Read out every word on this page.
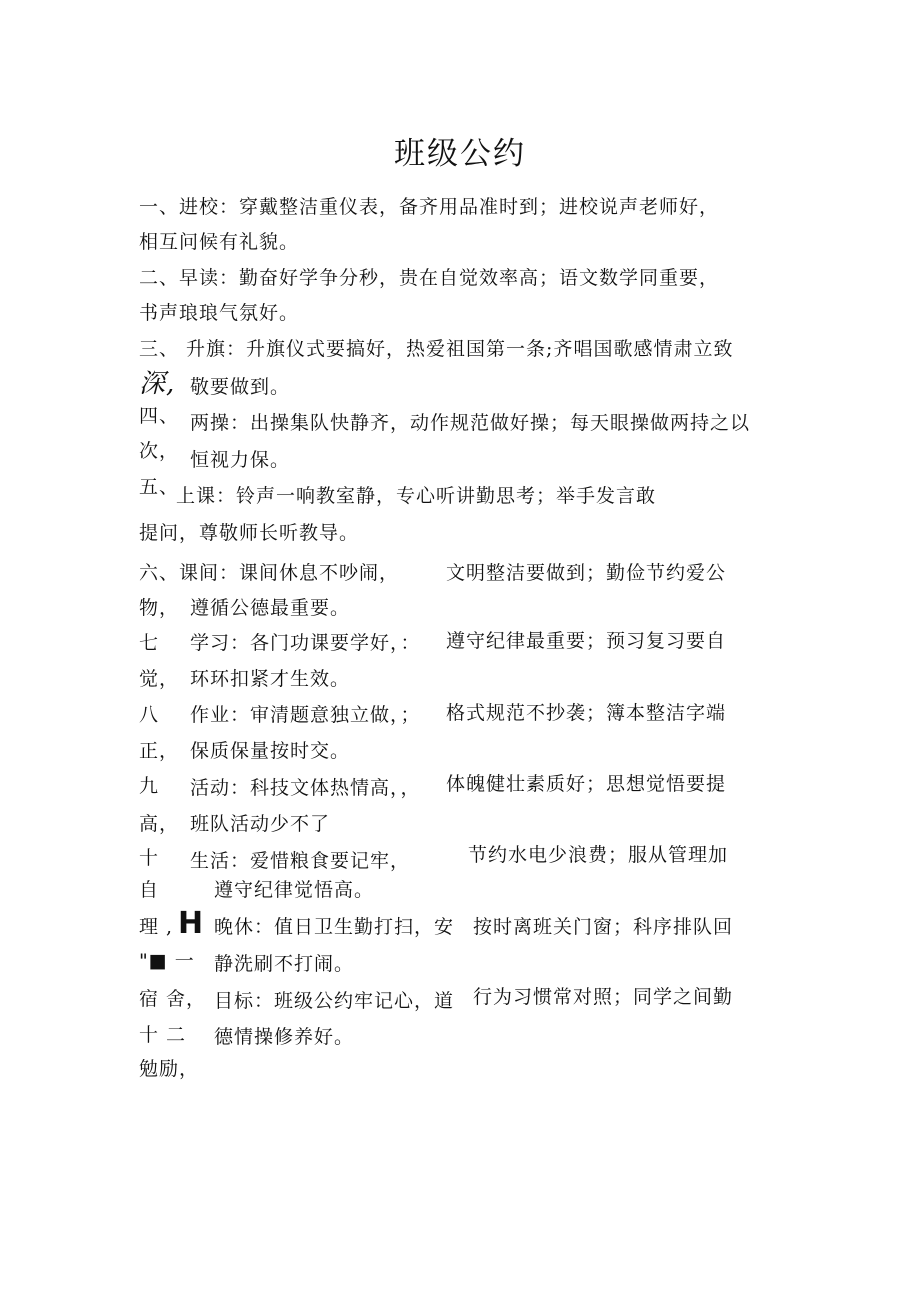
班级公约
一、进校：穿戴整洁重仪表，备齐用品准时到；进校说声老师好，
相互问候有礼貌。
二、早读：勤奋好学争分秒，贵在自觉效率高；语文数学同重要，
书声琅琅气氛好。
三、 升旗：升旗仪式要搞好，热爱祖国第一条;齐唱国歌感情肃立致
深, 敬要做到。
四、 两操：出操集队快静齐，动作规范做好操；每天眼操做两持之以
次， 恒视力保。
五、
上课：铃声一响教室静，专心听讲勤思考；举手发言敢
提问，尊敬师长听教导。
六、课间：课间休息不吵闹， 文明整洁要做到；勤俭节约爱公
物， 遵循公德最重要。
七 学习：各门功课要学好，： 遵守纪律最重要；预习复习要自
觉， 环环扣紧才生效。
八 作业：审清题意独立做，； 格式规范不抄袭；簿本整洁字端
正， 保质保量按时交。
九 活动：科技文体热情高，， 体魄健壮素质好；思想觉悟要提
高， 班队活动少不了
十 生活：爱惜粮食要记牢，	节约水电少浪费；服从管理加
自	遵守纪律觉悟高。
理 , H 晚休：值日卫生勤打扫，安 按时离班关门窗；科序排队回
"■ 一 静洗刷不打闹。
宿 舍， 目标：班级公约牢记心，道 行为习惯常对照；同学之间勤
十 二 德情操修养好。
勉励，
